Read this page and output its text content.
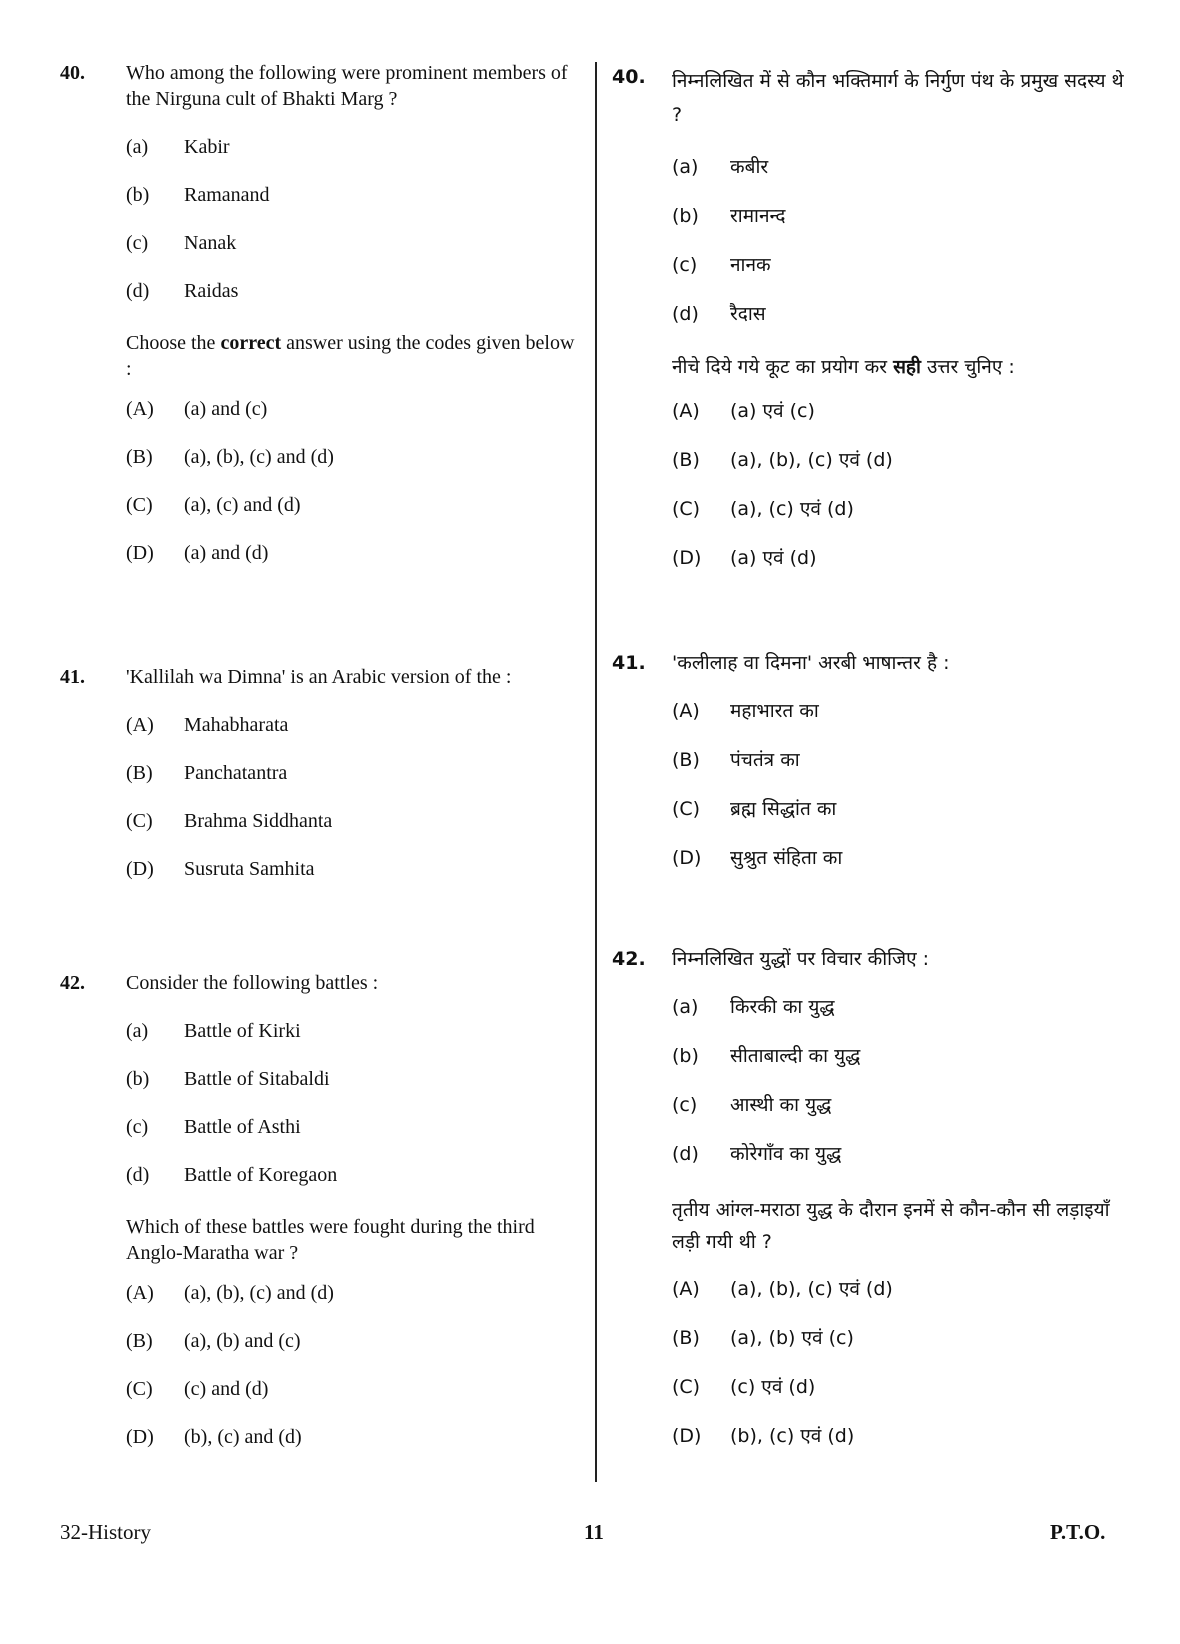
40.	Who among the following were prominent members of the Nirguna cult of Bhakti Marg ?
(a)	Kabir
(b)	Ramanand
(c)	Nanak
(d)	Raidas
Choose the correct answer using the codes given below :
(A)	(a) and (c)
(B)	(a), (b), (c) and (d)
(C)	(a), (c) and (d)
(D)	(a) and (d)
41.	'Kallilah wa Dimna' is an Arabic version of the :
(A)	Mahabharata
(B)	Panchatantra
(C)	Brahma Siddhanta
(D)	Susruta Samhita
42.	Consider the following battles :
(a)	Battle of Kirki
(b)	Battle of Sitabaldi
(c)	Battle of Asthi
(d)	Battle of Koregaon
Which of these battles were fought during the third Anglo-Maratha war ?
(A)	(a), (b), (c) and (d)
(B)	(a), (b) and (c)
(C)	(c) and (d)
(D)	(b), (c) and (d)
40.	निम्नलिखित में से कौन भक्तिमार्ग के निर्गुण पंथ के प्रमुख सदस्य थे ?
(a)	कबीर
(b)	रामानन्द
(c)	नानक
(d)	रैदास
नीचे दिये गये कूट का प्रयोग कर सही उत्तर चुनिए :
(A)	(a) एवं (c)
(B)	(a), (b), (c) एवं (d)
(C)	(a), (c) एवं (d)
(D)	(a) एवं (d)
41.	'कलीलाह वा दिमना' अरबी भाषान्तर है :
(A)	महाभारत का
(B)	पंचतंत्र का
(C)	ब्रह्म सिद्धांत का
(D)	सुश्रुत संहिता का
42.	निम्नलिखित युद्धों पर विचार कीजिए :
(a)	किरकी का युद्ध
(b)	सीताबाल्दी का युद्ध
(c)	आस्थी का युद्ध
(d)	कोरेगाँव का युद्ध
तृतीय आंग्ल-मराठा युद्ध के दौरान इनमें से कौन-कौन सी लड़ाइयाँ लड़ी गयी थी ?
(A)	(a), (b), (c) एवं (d)
(B)	(a), (b) एवं (c)
(C)	(c) एवं (d)
(D)	(b), (c) एवं (d)
32-History	11	P.T.O.
